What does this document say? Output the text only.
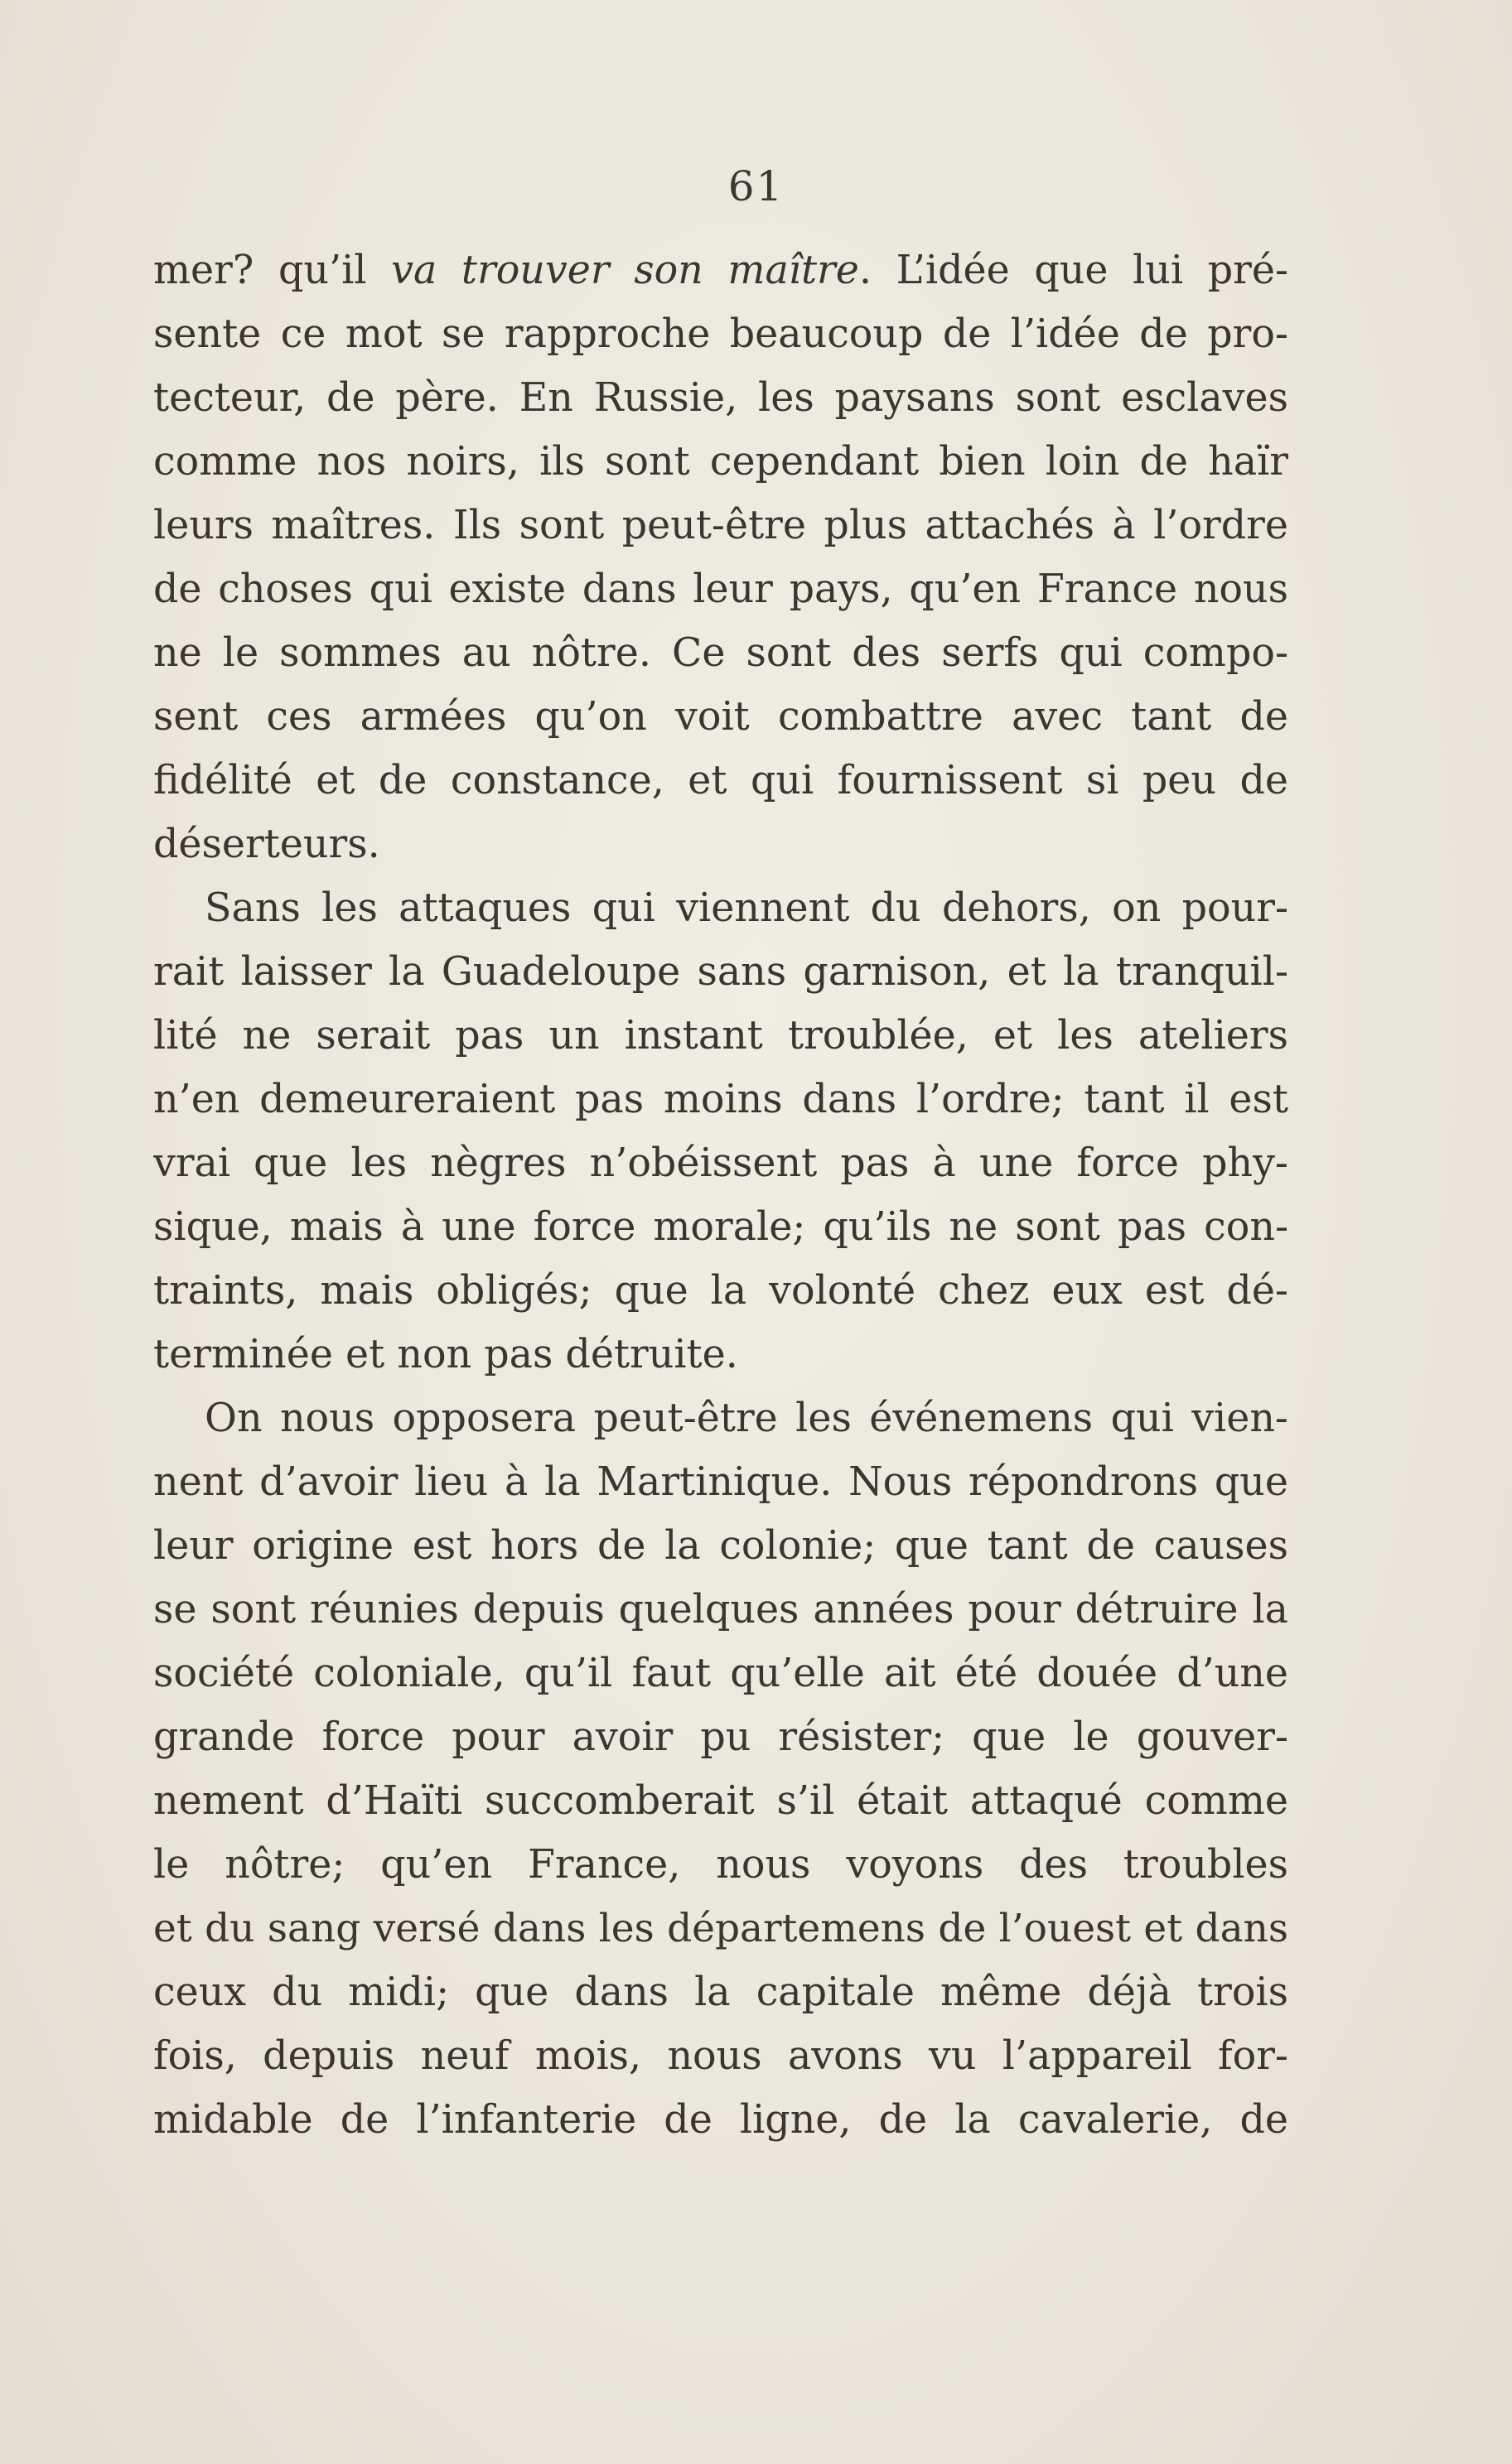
61
mer? qu’il va trouver son maître. L’idée que lui pré-
sente ce mot se rapproche beaucoup de l’idée de pro-
tecteur, de père. En Russie, les paysans sont esclaves
comme nos noirs, ils sont cependant bien loin de haïr
leurs maîtres. Ils sont peut-être plus attachés à l’ordre
de choses qui existe dans leur pays, qu’en France nous
ne le sommes au nôtre. Ce sont des serfs qui compo-
sent ces armées qu’on voit combattre avec tant de
fidélité et de constance, et qui fournissent si peu de
déserteurs.
Sans les attaques qui viennent du dehors, on pour-
rait laisser la Guadeloupe sans garnison, et la tranquil-
lité ne serait pas un instant troublée, et les ateliers
n’en demeureraient pas moins dans l’ordre; tant il est
vrai que les nègres n’obéissent pas à une force phy-
sique, mais à une force morale; qu’ils ne sont pas con-
traints, mais obligés; que la volonté chez eux est dé-
terminée et non pas détruite.
On nous opposera peut-être les événemens qui vien-
nent d’avoir lieu à la Martinique. Nous répondrons que
leur origine est hors de la colonie; que tant de causes
se sont réunies depuis quelques années pour détruire la
société coloniale, qu’il faut qu’elle ait été douée d’une
grande force pour avoir pu résister; que le gouver-
nement d’Haïti succomberait s’il était attaqué comme
le nôtre; qu’en France, nous voyons des troubles
et du sang versé dans les départemens de l’ouest et dans
ceux du midi; que dans la capitale même déjà trois
fois, depuis neuf mois, nous avons vu l’appareil for-
midable de l’infanterie de ligne, de la cavalerie, de
